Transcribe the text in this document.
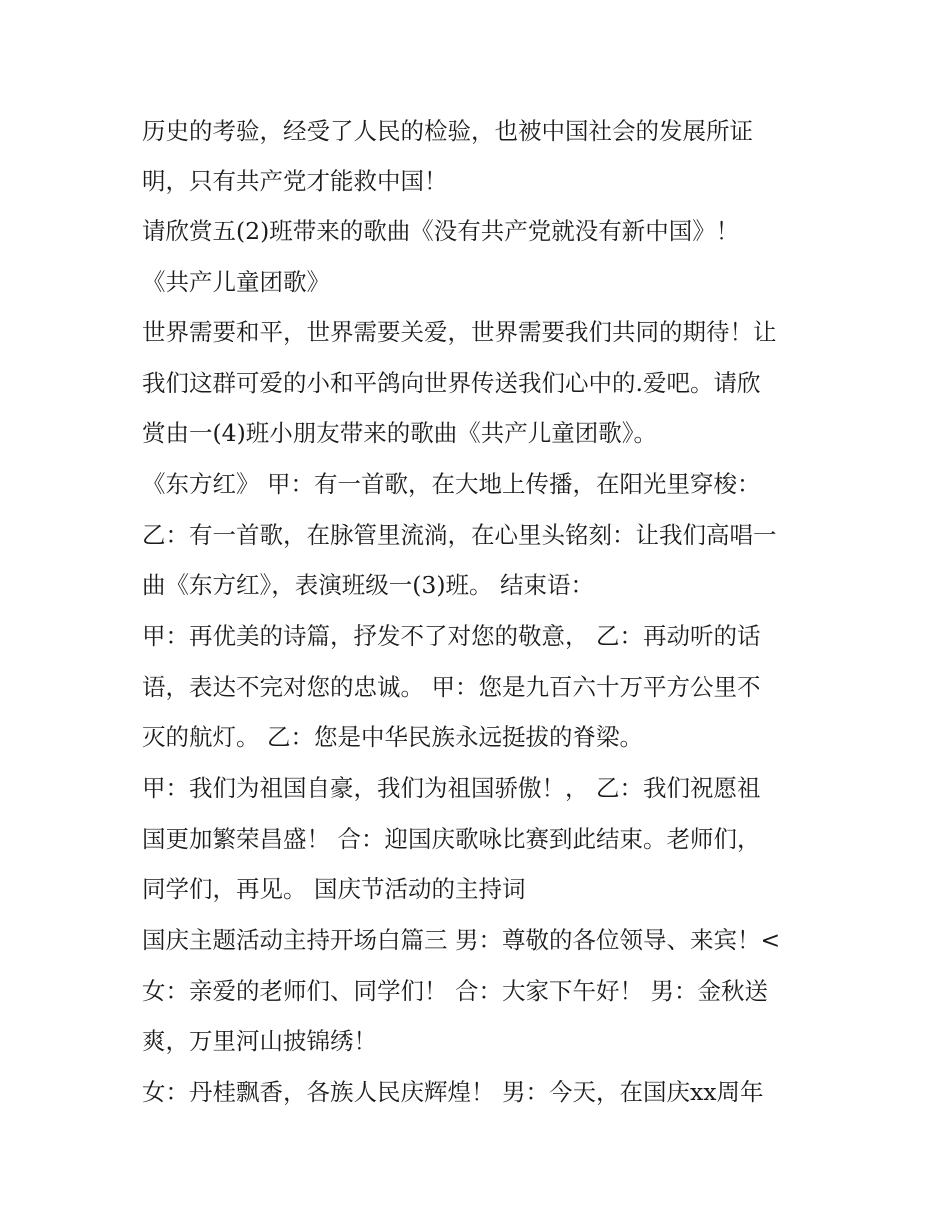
历史的考验，经受了人民的检验，也被中国社会的发展所证
明，只有共产党才能救中国！
请欣赏五(2)班带来的歌曲《没有共产党就没有新中国》！
《共产儿童团歌》
世界需要和平，世界需要关爱，世界需要我们共同的期待！让
我们这群可爱的小和平鸽向世界传送我们心中的.爱吧。请欣
赏由一(4)班小朋友带来的歌曲《共产儿童团歌》。
《东方红》 甲：有一首歌，在大地上传播，在阳光里穿梭：
乙：有一首歌，在脉管里流淌，在心里头铭刻：让我们高唱一
曲《东方红》，表演班级一(3)班。 结束语：
甲：再优美的诗篇，抒发不了对您的敬意， 乙：再动听的话
语，表达不完对您的忠诚。 甲：您是九百六十万平方公里不
灭的航灯。 乙：您是中华民族永远挺拔的脊梁。
甲：我们为祖国自豪，我们为祖国骄傲！， 乙：我们祝愿祖
国更加繁荣昌盛！ 合：迎国庆歌咏比赛到此结束。老师们，
同学们，再见。 国庆节活动的主持词
国庆主题活动主持开场白篇三 男：尊敬的各位领导、来宾！<
女：亲爱的老师们、同学们！ 合：大家下午好！ 男：金秋送
爽，万里河山披锦绣！
女：丹桂飘香，各族人民庆辉煌！ 男：今天，在国庆xx周年
